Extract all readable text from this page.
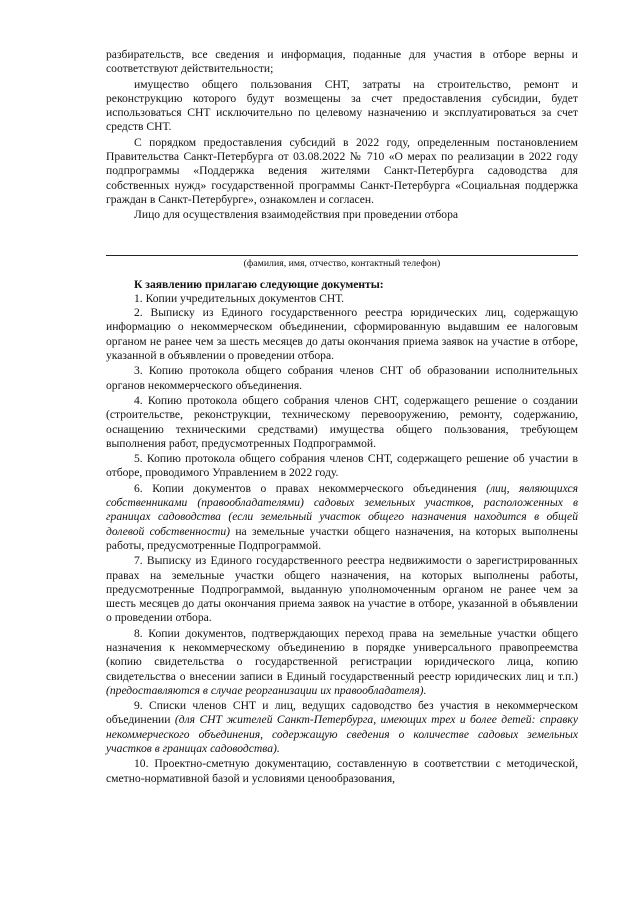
разбирательств, все сведения и информация, поданные для участия в отборе верны и соответствуют действительности;

имущество общего пользования СНТ, затраты на строительство, ремонт и реконструкцию которого будут возмещены за счет предоставления субсидии, будет использоваться СНТ исключительно по целевому назначению и эксплуатироваться за счет средств СНТ.

С порядком предоставления субсидий в 2022 году, определенным постановлением Правительства Санкт-Петербурга от 03.08.2022 № 710 «О мерах по реализации в 2022 году подпрограммы «Поддержка ведения жителями Санкт-Петербурга садоводства для собственных нужд» государственной программы Санкт-Петербурга «Социальная поддержка граждан в Санкт-Петербурге», ознакомлен и согласен.

Лицо для осуществления взаимодействия при проведении отбора

(фамилия, имя, отчество, контактный телефон)

К заявлению прилагаю следующие документы:

1. Копии учредительных документов СНТ.

2. Выписку из Единого государственного реестра юридических лиц, содержащую информацию о некоммерческом объединении, сформированную выдавшим ее налоговым органом не ранее чем за шесть месяцев до даты окончания приема заявок на участие в отборе, указанной в объявлении о проведении отбора.

3. Копию протокола общего собрания членов СНТ об образовании исполнительных органов некоммерческого объединения.

4. Копию протокола общего собрания членов СНТ, содержащего решение о создании (строительстве, реконструкции, техническому перевооружению, ремонту, содержанию, оснащению техническими средствами) имущества общего пользования, требующем выполнения работ, предусмотренных Подпрограммой.

5. Копию протокола общего собрания членов СНТ, содержащего решение об участии в отборе, проводимого Управлением в 2022 году.

6. Копии документов о правах некоммерческого объединения (лиц, являющихся собственниками (правообладателями) садовых земельных участков, расположенных в границах садоводства (если земельный участок общего назначения находится в общей долевой собственности) на земельные участки общего назначения, на которых выполнены работы, предусмотренные Подпрограммой.

7. Выписку из Единого государственного реестра недвижимости о зарегистрированных правах на земельные участки общего назначения, на которых выполнены работы, предусмотренные Подпрограммой, выданную уполномоченным органом не ранее чем за шесть месяцев до даты окончания приема заявок на участие в отборе, указанной в объявлении о проведении отбора.

8. Копии документов, подтверждающих переход права на земельные участки общего назначения к некоммерческому объединению в порядке универсального правопреемства (копию свидетельства о государственной регистрации юридического лица, копию свидетельства о внесении записи в Единый государственный реестр юридических лиц и т.п.) (предоставляются в случае реорганизации их правообладателя).

9. Списки членов СНТ и лиц, ведущих садоводство без участия в некоммерческом объединении (для СНТ жителей Санкт-Петербурга, имеющих трех и более детей: справку некоммерческого объединения, содержащую сведения о количестве садовых земельных участков в границах садоводства).

10. Проектно-сметную документацию, составленную в соответствии с методической, сметно-нормативной базой и условиями ценообразования,
